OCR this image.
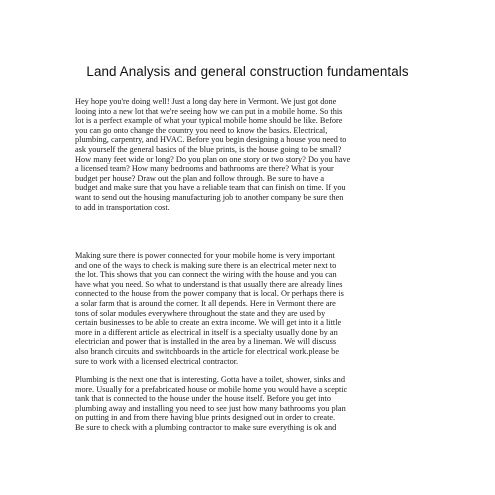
Land Analysis and general construction fundamentals
Hey hope you're doing well! Just a long day here in Vermont. We just got done
looing into a new lot that we're seeing how we can put in a mobile home. So this
lot is a perfect example of what your typical mobile home should be like. Before
you can go onto change the country you need to know the basics. Electrical,
plumbing, carpentry, and HVAC. Before you begin designing a house you need to
ask yourself the general basics of the blue prints, is the house going to be small?
How many feet wide or long? Do you plan on one story or two story? Do you have
a licensed team? How many bedrooms and bathrooms are there? What is your
budget per house? Draw out the plan and follow through. Be sure to have a
budget and make sure that you have a reliable team that can finish on time. If you
want to send out the housing manufacturing job to another company be sure then
to add in transportation cost.
Making sure there is power connected for your mobile home is very important
and one of the ways to check is making sure there is an electrical meter next to
the lot. This shows that you can connect the wiring with the house and you can
have what you need. So what to understand is that usually there are already lines
connected to the house from the power company that is local. Or perhaps there is
a solar farm that is around the corner. It all depends. Here in Vermont there are
tons of solar modules everywhere throughout the state and they are used by
certain businesses to be able to create an extra income. We will get into it a little
more in a different article as electrical in itself is a specialty usually done by an
electrician and power that is installed in the area by a lineman. We will discuss
also branch circuits and switchboards in the article for electrical work.please be
sure to work with a licensed electrical contractor.
Plumbing is the next one that is interesting. Gotta have a toilet, shower, sinks and
more. Usually for a prefabricated house or mobile home you would have a sceptic
tank that is connected to the house under the house itself. Before you get into
plumbing away and installing you need to see just how many bathrooms you plan
on putting in and from there having blue prints designed out in order to create.
Be sure to check with a plumbing contractor to make sure everything is ok and
